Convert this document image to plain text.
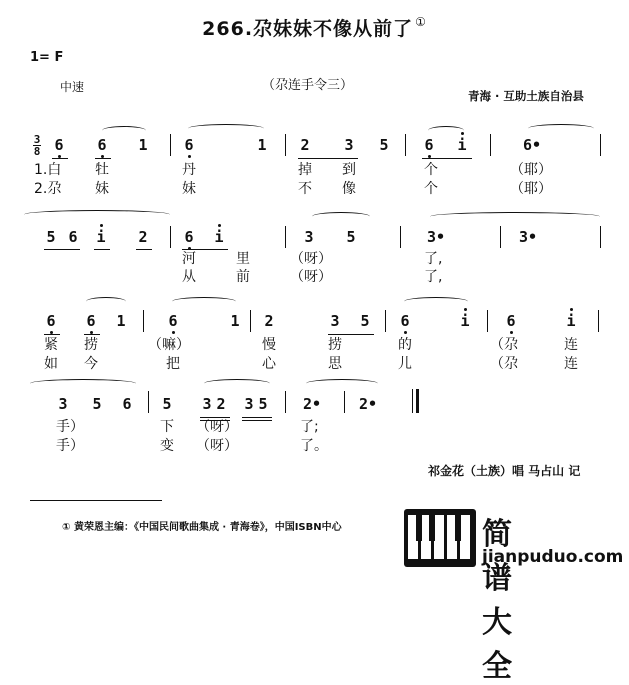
266.尕妹妹不像从前了 ①
1= F
中速	（尕连手令三）
青海 · 互助土族自治县
3
8 6 6 1 6	1 2 3 5 6 i	6•
1.白 牡	丹	掉 到	个	（耶）
2.尕 妹	妹	不 像	个	（耶）
5 6 i 2 6 i	3 5	3•	3•
河	里	（呀）	了,
从	前	（呀）	了,
6 6 1	6	1 2	3 5 6	i 6	i
紧 捞	（嘛）	慢	捞	的	（尕	连
如 今	把	心	思	儿	（尕	连
3 5 6 5 3 2 3 5 2•	2•
手）	下 （呀）	了;
手）	变 （呀）	了。
祁金花（土族）唱 马占山 记
① 黄荣恩主编：《中国民间歌曲集成 · 青海卷》，中国ISBN中心	简谱大全
jianpuduo.com
